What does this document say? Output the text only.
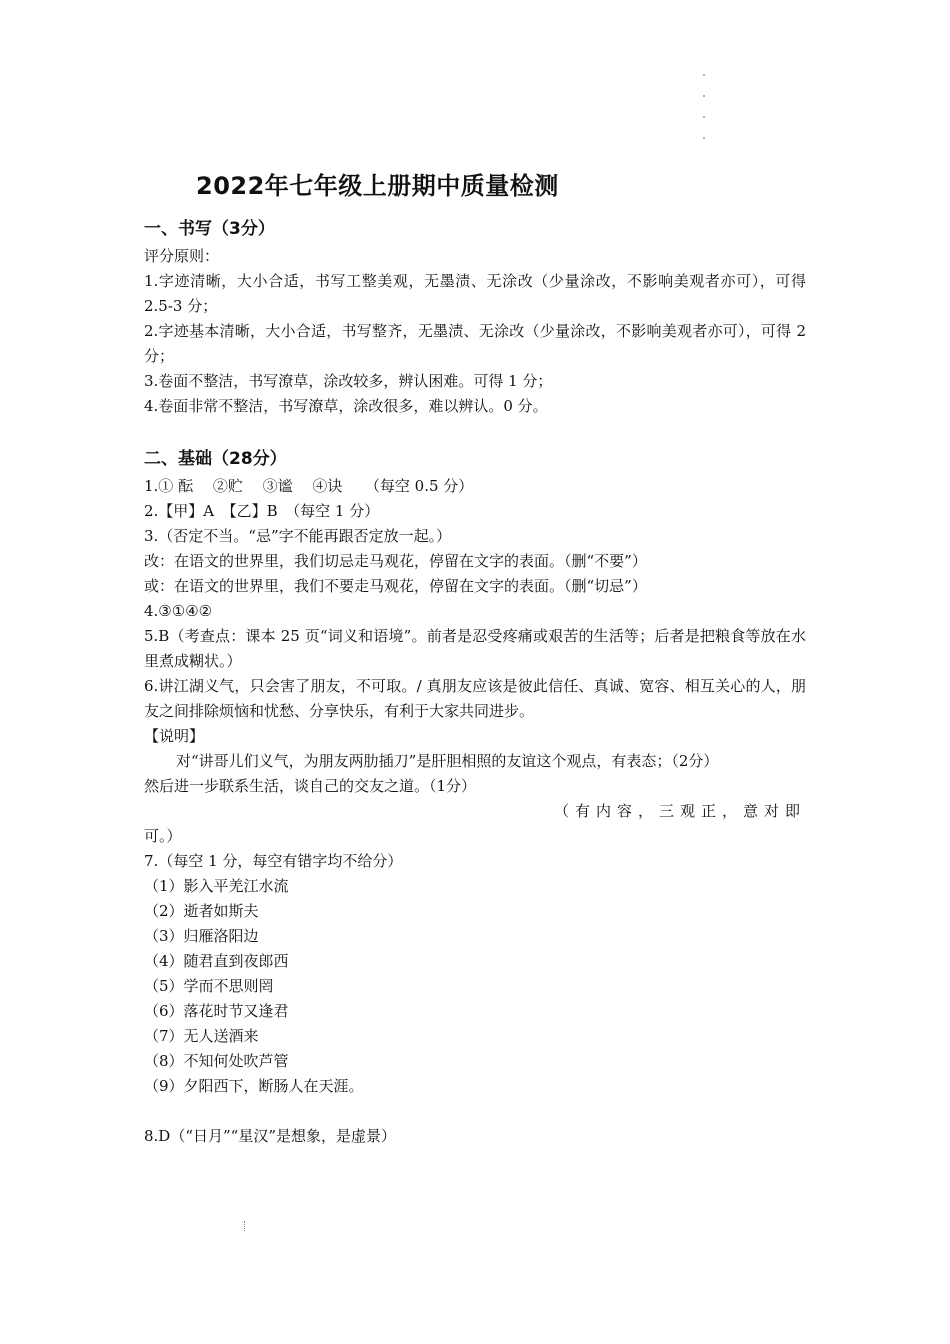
2022年七年级上册期中质量检测
一、书写（3分）
评分原则：
1.字迹清晰，大小合适，书写工整美观，无墨渍、无涂改（少量涂改，不影响美观者亦可），可得 2.5-3 分；
2.字迹基本清晰，大小合适，书写整齐，无墨渍、无涂改（少量涂改，不影响美观者亦可），可得 2 分；
3.卷面不整洁，书写潦草，涂改较多，辨认困难。可得 1 分；
4.卷面非常不整洁，书写潦草，涂改很多，难以辨认。0 分。
二、基础（28分）
1.① 酝　 ②贮　 ③谧　 ④诀　　（每空 0.5 分）
2.【甲】A　【乙】B　（每空 1 分）
3.（否定不当。“忌”字不能再跟否定放一起。）
改：在语文的世界里，我们切忌走马观花，停留在文字的表面。（删“不要”）
或：在语文的世界里，我们不要走马观花，停留在文字的表面。（删“切忌”）
4.③①④②
5.B（考查点：课本 25 页“词义和语境”。前者是忍受疼痛或艰苦的生活等；后者是把粮食等放在水里煮成糊状。）
6.讲江湖义气，只会害了朋友，不可取。/ 真朋友应该是彼此信任、真诚、宽容、相互关心的人，朋友之间排除烦恼和忧愁、分享快乐，有利于大家共同进步。
【说明】
对“讲哥儿们义气，为朋友两肋插刀”是肝胆相照的友谊这个观点，有表态；（2分）
然后进一步联系生活，谈自己的交友之道。（1分）
（有内容，三观正，意对即
可。）
7.（每空 1 分，每空有错字均不给分）
（1）影入平羌江水流
（2）逝者如斯夫
（3）归雁洛阳边
（4）随君直到夜郎西
（5）学而不思则罔
（6）落花时节又逢君
（7）无人送酒来
（8）不知何处吹芦管
（9）夕阳西下，断肠人在天涯。
8.D（“日月”“星汉”是想象，是虚景）
